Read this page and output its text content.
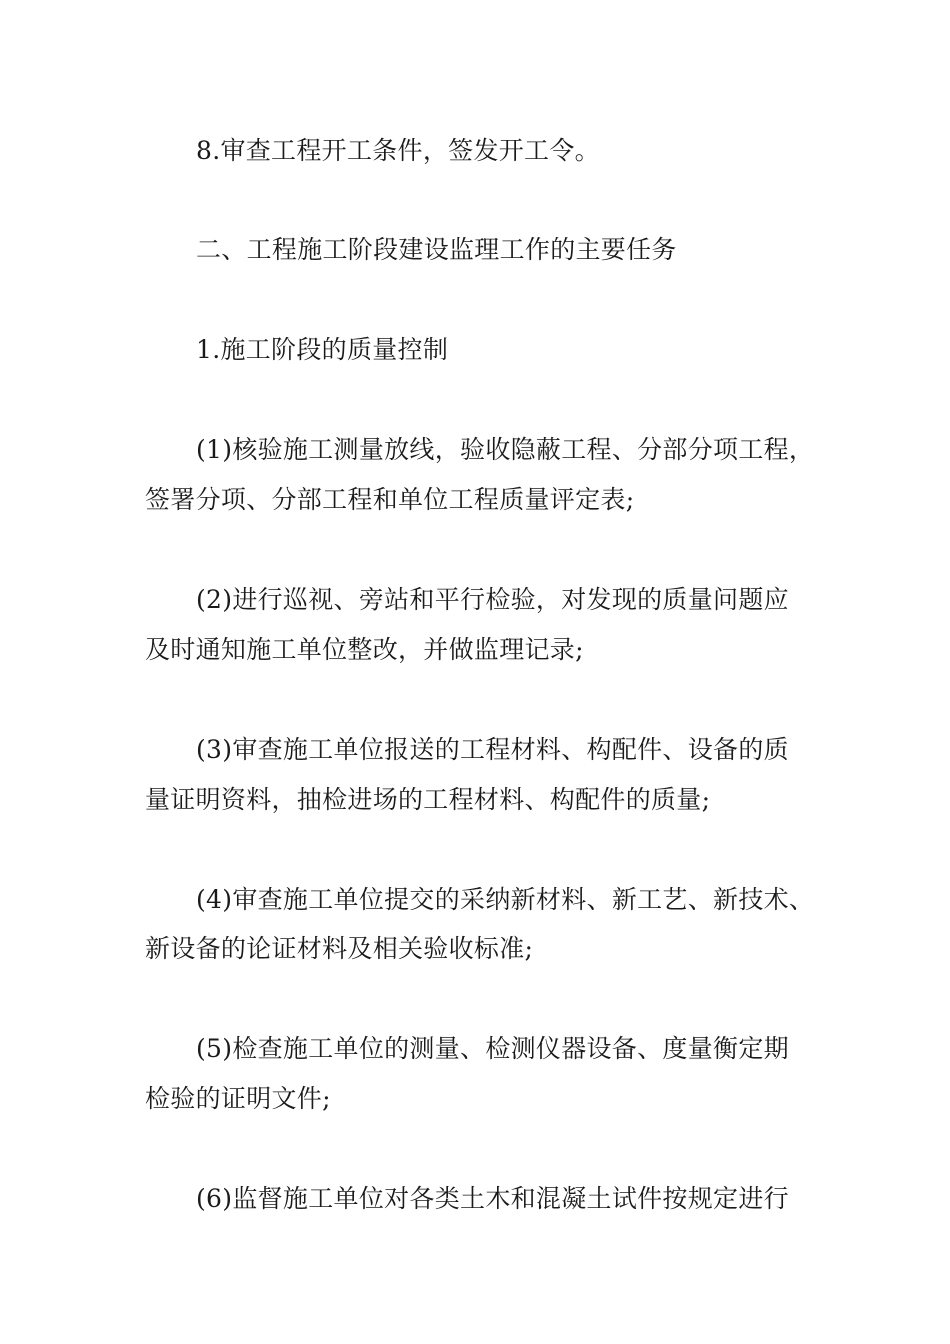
8.审查工程开工条件，签发开工令。
二、工程施工阶段建设监理工作的主要任务
1.施工阶段的质量控制
(1)核验施工测量放线，验收隐蔽工程、分部分项工程，
签署分项、分部工程和单位工程质量评定表;
(2)进行巡视、旁站和平行检验，对发现的质量问题应
及时通知施工单位整改，并做监理记录;
(3)审查施工单位报送的工程材料、构配件、设备的质
量证明资料，抽检进场的工程材料、构配件的质量;
(4)审查施工单位提交的采纳新材料、新工艺、新技术、
新设备的论证材料及相关验收标准;
(5)检查施工单位的测量、检测仪器设备、度量衡定期
检验的证明文件;
(6)监督施工单位对各类土木和混凝土试件按规定进行
